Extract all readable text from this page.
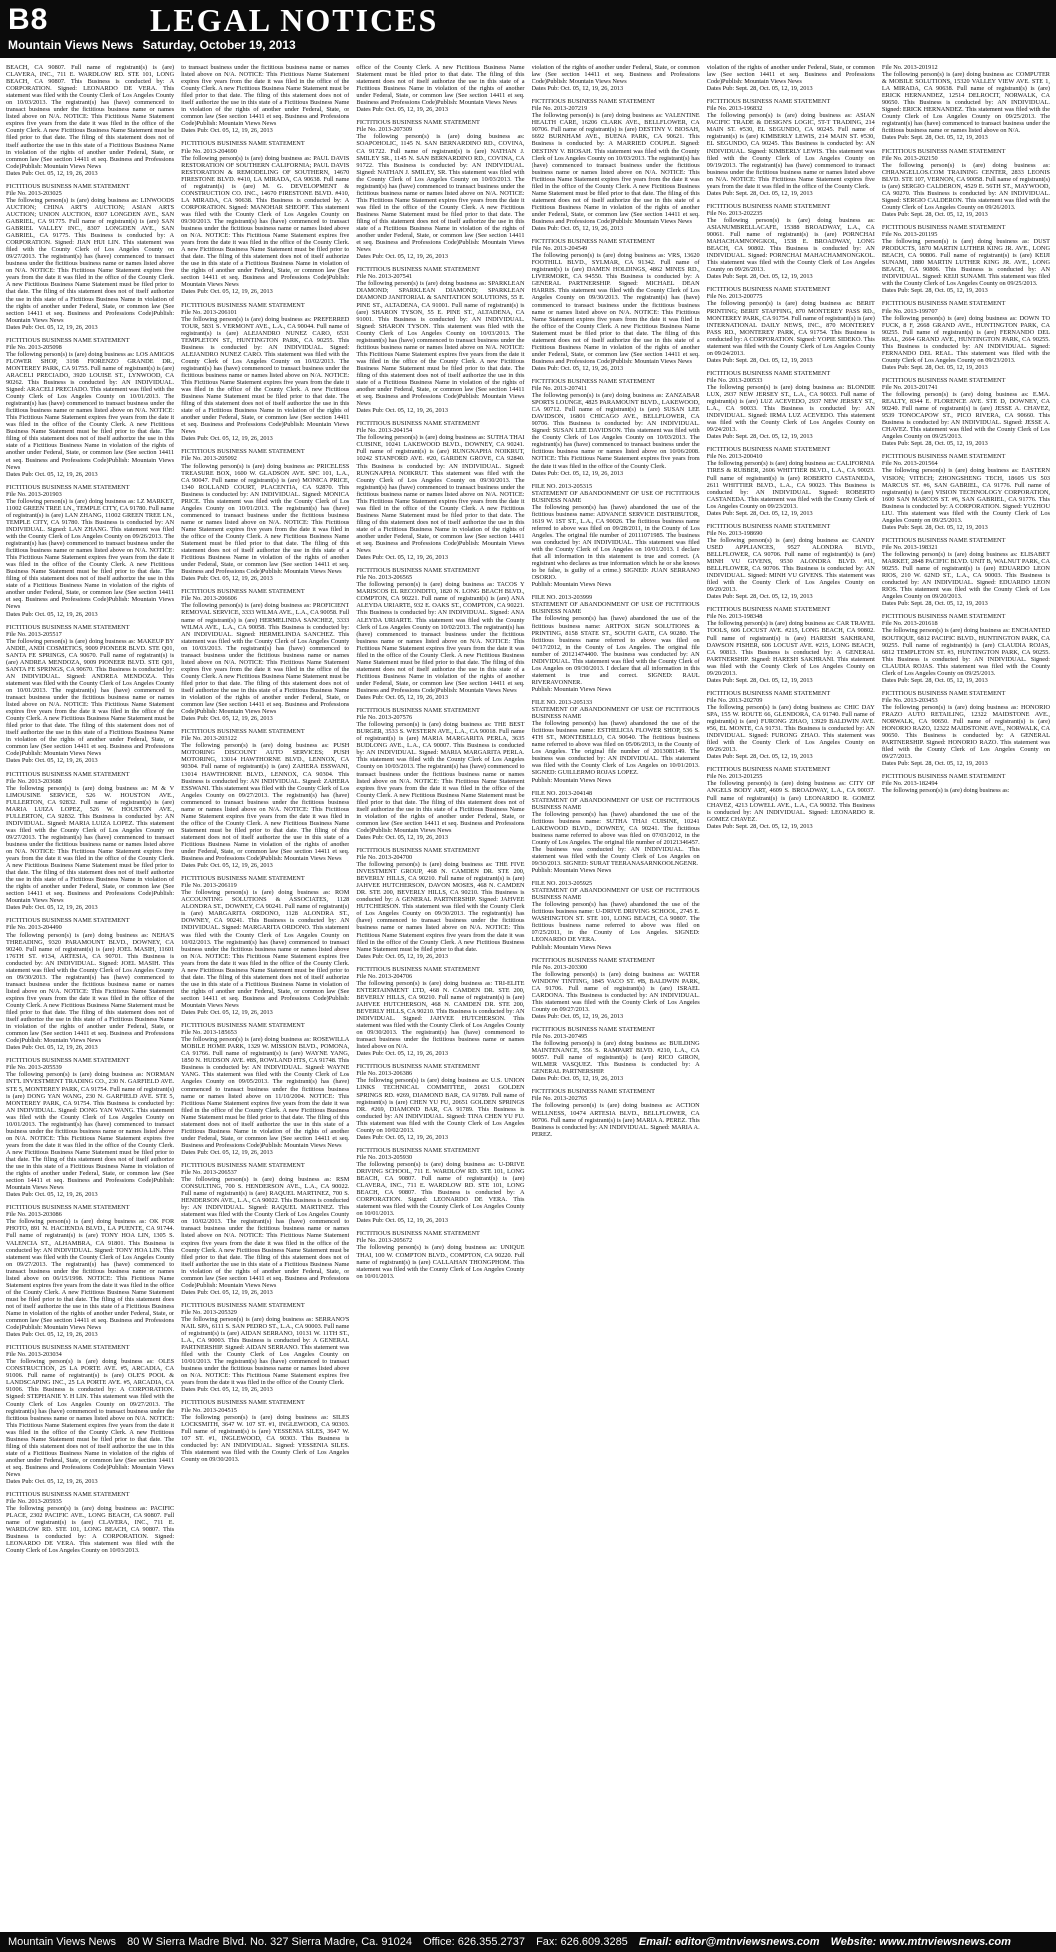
B8	LEGAL NOTICES
Mountain Views News Saturday, October 19, 2013
BEACH, CA 90807. Full name of registrant(s) is (are) CLAVERA, INC., 711 E. WARDLOW RD. STE 101, LONG BEACH, CA 90807. This Business is conducted by: A CORPORATION. Signed: LEONARDO DE VERA. This statement was filed with the County Clerk of Los Angeles County on 10/03/2013. The registrant(s) has (have) commenced to transact business under the fictitious business name or names listed above on N/A. NOTICE: This Fictitious Name Statement expires five years from the date it was filed in the office of the County Clerk. A new Fictitious Business Name Statement must be filed prior to that date. The filing of this statement does not of itself authorize the use in this state of a Fictitious Business Name in violation of the rights of another under Federal, State, or common law (See section 14411 et seq. Business and Professions Code)Publish: Mountain Views News
Dates Pub: Oct. 05, 12, 19, 26, 2013
FICTITIOUS BUSINESS NAME STATEMENT
File No. 2013-203025
The following person(s) is (are) doing business as: LINWOODS AUCTION; CHINA ART'S AUCTION; ASIAN ARTS AUCTION; UNION AUCTION, 8307 LONGDEN AVE., SAN GABRIEL, CA 91775. Full name of registrant(s) is (are) SAN GABRIEL VALLEY INC., 8307 LONGDEN AVE., SAN GABRIEL, CA 91775. This Business is conducted by: A CORPORATION. Signed: JIAN HUI LIN. This statement was filed with the County Clerk of Los Angeles County on 09/27/2013. The registrant(s) has (have) commenced to transact business under the fictitious business name or names listed above on N/A. NOTICE: This Fictitious Name Statement expires five years from the date it was filed in the office of the County Clerk. A new Fictitious Business Name Statement must be filed prior to that date. The filing of this statement does not of itself authorize the use in this state of a Fictitious Business Name in violation of the rights of another under Federal, State, or common law (See section 14411 et seq. Business and Professions Code)Publish: Mountain Views News
Dates Pub: Oct. 05, 12, 19, 26, 2013
FICTITIOUS BUSINESS NAME STATEMENT
File No. 2013-205098
The following person(s) is (are) doing business as: LOS AMIGOS FLOWER SHOP, 3198 FIORENZO GRANDE DR., MONTEREY PARK, CA 91755. Full name of registrant(s) is (are) ARACELI PRECIADO, 3920 LOUISE ST., LYNWOOD, CA 90262. This Business is conducted by: AN INDIVIDUAL. Signed: ARACELI PRECIADO. This statement was filed with the County Clerk of Los Angeles County on 10/01/2013. The registrant(s) has (have) commenced to transact business under the fictitious business name or names listed above on N/A. NOTICE: This Fictitious Name Statement expires five years from the date it was filed in the office of the County Clerk. A new Fictitious Business Name Statement must be filed prior to that date. The filing of this statement does not of itself authorize the use in this state of a Fictitious Business Name in violation of the rights of another under Federal, State, or common law (See section 14411 et seq. Business and Professions Code)Publish: Mountain Views News
Dates Pub: Oct. 05, 12, 19, 26, 2013
FICTITIOUS BUSINESS NAME STATEMENT
File No. 2013-201903
The following person(s) is (are) doing business as: LZ MARKET, 11002 GREEN TREE LN., TEMPLE CITY, CA 91780. Full name of registrant(s) is (are) LAN ZHANG, 11002 GREEN TREE LN., TEMPLE CITY, CA 91780. This Business is conducted by: AN INDIVIDUAL. Signed: LAN ZHANG. This statement was filed with the County Clerk of Los Angeles County on 09/26/2013. The registrant(s) has (have) commenced to transact business under the fictitious business name or names listed above on N/A. NOTICE: This Fictitious Name Statement expires five years from the date it was filed in the office of the County Clerk. A new Fictitious Business Name Statement must be filed prior to that date. The filing of this statement does not of itself authorize the use in this state of a Fictitious Business Name in violation of the rights of another under Federal, State, or common law (See section 14411 et seq. Business and Professions Code)Publish: Mountain Views News
Dates Pub: Oct. 05, 12, 19, 26, 2013
FICTITIOUS BUSINESS NAME STATEMENT
File No. 2013-205517
The following person(s) is (are) doing business as: MAKEUP BY ANDIE, ANDI COSMETICS, 9009 PIONEER BLVD. STE Q01, SANTA FE SPRINGS, CA 90670. Full name of registrant(s) is (are) ANDREA MENDOZA, 9009 PIONEER BLVD. STE Q01, SANTA FE SPRINGS, CA 90670. This Business is conducted by: AN INDIVIDUAL. Signed: ANDREA MENDOZA. This statement was filed with the County Clerk of Los Angeles County on 10/01/2013. The registrant(s) has (have) commenced to transact business under the fictitious business name or names listed above on N/A. NOTICE: This Fictitious Name Statement expires five years from the date it was filed in the office of the County Clerk. A new Fictitious Business Name Statement must be filed prior to that date. The filing of this statement does not of itself authorize the use in this state of a Fictitious Business Name in violation of the rights of another under Federal, State, or common law (See section 14411 et seq. Business and Professions Code)Publish: Mountain Views News
Dates Pub: Oct. 05, 12, 19, 26, 2013
FICTITIOUS BUSINESS NAME STATEMENT
File No. 2013-203688
The following person(s) is (are) doing business as: M & V LIMOUSINE SERVICE, 526 W. HOUSTON AVE., FULLERTON, CA 92832. Full name of registrant(s) is (are) MARIA LUIZA LOPEZ, 526 W. HOUSTON AVE., FULLERTON, CA 92832. This Business is conducted by: AN INDIVIDUAL. Signed: MARIA LUIZA LOPEZ. This statement was filed with the County Clerk of Los Angeles County on 09/27/2013. The registrant(s) has (have) commenced to transact business under the fictitious business name or names listed above on N/A. NOTICE: This Fictitious Name Statement expires five years from the date it was filed in the office of the County Clerk. A new Fictitious Business Name Statement must be filed prior to that date. The filing of this statement does not of itself authorize the use in this state of a Fictitious Business Name in violation of the rights of another under Federal, State, or common law (See section 14411 et seq. Business and Professions Code)Publish: Mountain Views News
Dates Pub: Oct. 05, 12, 19, 26, 2013
FICTITIOUS BUSINESS NAME STATEMENT
File No. 2013-204490
The following person(s) is (are) doing business as: NEHA'S THREADING, 9320 PARAMOUNT BLVD., DOWNEY, CA 90240. Full name of registrant(s) is (are) JOEL MASIH, 11601 176TH ST. #134, ARTESIA, CA 90701. This Business is conducted by: AN INDIVIDUAL. Signed: JOEL MASIH. This statement was filed with the County Clerk of Los Angeles County on 09/30/2013. The registrant(s) has (have) commenced to transact business under the fictitious business name or names listed above on N/A. NOTICE: This Fictitious Name Statement expires five years from the date it was filed in the office of the County Clerk. A new Fictitious Business Name Statement must be filed prior to that date. The filing of this statement does not of itself authorize the use in this state of a Fictitious Business Name in violation of the rights of another under Federal, State, or common law (See section 14411 et seq. Business and Professions Code)Publish: Mountain Views News
Dates Pub: Oct. 05, 12, 19, 26, 2013
FICTITIOUS BUSINESS NAME STATEMENT
File No. 2013-205539
The following person(s) is (are) doing business as: NORMAN INT'L INVESTMENT TRADING CO., 230 N. GARFIELD AVE. STE 5, MONTEREY PARK, CA 91754. Full name of registrant(s) is (are) DONG YAN WANG, 230 N. GARFIELD AVE. STE 5, MONTEREY PARK, CA 91754. This Business is conducted by: AN INDIVIDUAL. Signed: DONG YAN WANG. This statement was filed with the County Clerk of Los Angeles County on 10/01/2013. The registrant(s) has (have) commenced to transact business under the fictitious business name or names listed above on N/A. NOTICE: This Fictitious Name Statement expires five years from the date it was filed in the office of the County Clerk. A new Fictitious Business Name Statement must be filed prior to that date. The filing of this statement does not of itself authorize the use in this state of a Fictitious Business Name in violation of the rights of another under Federal, State, or common law (See section 14411 et seq. Business and Professions Code)Publish: Mountain Views News
Dates Pub: Oct. 05, 12, 19, 26, 2013
FICTITIOUS BUSINESS NAME STATEMENT
File No. 2013-203086
The following person(s) is (are) doing business as: OK FOR PHOTO, 891 N. HACIENDA BLVD., LA PUENTE, CA 91744. Full name of registrant(s) is (are) TONY HOA LIN, 1305 S. VALENCIA ST., ALHAMBRA, CA 91801. This Business is conducted by: AN INDIVIDUAL. Signed: TONY HOA LIN. This statement was filed with the County Clerk of Los Angeles County on 09/27/2013. The registrant(s) has (have) commenced to transact business under the fictitious business name or names listed above on 06/15/1998. NOTICE: This Fictitious Name Statement expires five years from the date it was filed in the office of the County Clerk. A new Fictitious Business Name Statement must be filed prior to that date. The filing of this statement does not of itself authorize the use in this state of a Fictitious Business Name in violation of the rights of another under Federal, State, or common law (See section 14411 et seq. Business and Professions Code)Publish: Mountain Views News
Dates Pub: Oct. 05, 12, 19, 26, 2013
FICTITIOUS BUSINESS NAME STATEMENT
File No. 2013-203034
The following person(s) is (are) doing business as: OLES CONSTRUCTION, 25 LA PORTE AVE. #5, ARCADIA, CA 91006. Full name of registrant(s) is (are) OLE'S POOL & LANDSCAPING INC., 25 LA PORTE AVE. #5, ARCADIA, CA 91006. This Business is conducted by: A CORPORATION. Signed: STEPHANIE Y. H LIN. This statement was filed with the County Clerk of Los Angeles County on 09/27/2013. The registrant(s) has (have) commenced to transact business under the fictitious business name or names listed above on N/A. NOTICE: This Fictitious Name Statement expires five years from the date it was filed in the office of the County Clerk. A new Fictitious Business Name Statement must be filed prior to that date. The filing of this statement does not of itself authorize the use in this state of a Fictitious Business Name in violation of the rights of another under Federal, State, or common law (See section 14411 et seq. Business and Professions Code)Publish: Mountain Views News
Dates Pub: Oct. 05, 12, 19, 26, 2013
FICTITIOUS BUSINESS NAME STATEMENT
File No. 2013-205935
The following person(s) is (are) doing business as: PACIFIC PLACE, 2302 PACIFIC AVE., LONG BEACH, CA 90807. Full name of registrant(s) is (are) CLAVERA, INC., 711 E. WARDLOW RD. STE 101, LONG BEACH, CA 90807. This Business is conducted by: A CORPORATION. Signed: LEONARDO DE VERA. This statement was filed with the County Clerk of Los Angeles County on 10/03/2013.
to transact business under the fictitious business name or names listed above on N/A. NOTICE: This Fictitious Name Statement expires five years from the date it was filed in the office of the County Clerk. A new Fictitious Business Name Statement must be filed prior to that date. The filing of this statement does not of itself authorize the use in this state of a Fictitious Business Name in violation of the rights of another under Federal, State, or common law (See section 14411 et seq. Business and Professions Code)Publish: Mountain Views News
Dates Pub: Oct. 05, 12, 19, 26, 2013
FICTITIOUS BUSINESS NAME STATEMENT
File No. 2013-204690
The following person(s) is (are) doing business as: PAUL DAVIS RESTORATION OF SOUTHERN CALIFORNIA; PAUL DAVIS RESTORATION & REMODELING OF SOUTHERN, 14670 FIRESTONE BLVD. #410, LA MIRADA, CA 90638. Full name of registrant(s) is (are) M. G. DEVELOPMENT & CONSTRUCTION CO. INC., 14670 FIRESTONE BLVD. #410, LA MIRADA, CA 90638. This Business is conducted by: A CORPORATION. Signed: MANOHAR SHEOFF. This statement was filed with the County Clerk of Los Angeles County on 09/30/2013. The registrant(s) has (have) commenced to transact business under the fictitious business name or names listed above on N/A. NOTICE: This Fictitious Name Statement expires five years from the date it was filed in the office of the County Clerk. A new Fictitious Business Name Statement must be filed prior to that date. The filing of this statement does not of itself authorize the use in this state of a Fictitious Business Name in violation of the rights of another under Federal, State, or common law (See section 14411 et seq. Business and Professions Code)Publish: Mountain Views News
Dates Pub: Oct. 05, 12, 19, 26, 2013
FICTITIOUS BUSINESS NAME STATEMENT
File No. 2013-206101
The following person(s) is (are) doing business as: PREFERRED TOUR, 5831 S. VERMONT AVE., L.A., CA 90044. Full name of registrant(s) is (are) ALEJANDRO NUNEZ CARO, 6531 TEMPLETON ST., HUNTINGTON PARK, CA 90255. This Business is conducted by: AN INDIVIDUAL. Signed: ALEJANDRO NUNEZ CARO. This statement was filed with the County Clerk of Los Angeles County on 10/02/2013. The registrant(s) has (have) commenced to transact business under the fictitious business name or names listed above on N/A. NOTICE: This Fictitious Name Statement expires five years from the date it was filed in the office of the County Clerk. A new Fictitious Business Name Statement must be filed prior to that date. The filing of this statement does not of itself authorize the use in this state of a Fictitious Business Name in violation of the rights of another under Federal, State, or common law (See section 14411 et seq. Business and Professions Code)Publish: Mountain Views News
Dates Pub: Oct. 05, 12, 19, 26, 2013
FICTITIOUS BUSINESS NAME STATEMENT
File No. 2013-205092
The following person(s) is (are) doing business as: PRICELESS TREASURE BOX, 1600 W. GLADSON AVE. SPC 101, L.A., CA 90047. Full name of registrant(s) is (are) MONICA PRICE, 1340 ROLLAND COURT, PLACENTIA, CA 92870. This Business is conducted by: AN INDIVIDUAL. Signed: MONICA PRICE. This statement was filed with the County Clerk of Los Angeles County on 10/01/2013. The registrant(s) has (have) commenced to transact business under the fictitious business name or names listed above on N/A. NOTICE: This Fictitious Name Statement expires five years from the date it was filed in the office of the County Clerk. A new Fictitious Business Name Statement must be filed prior to that date. The filing of this statement does not of itself authorize the use in this state of a Fictitious Business Name in violation of the rights of another under Federal, State, or common law (See section 14411 et seq. Business and Professions Code)Publish: Mountain Views News
Dates Pub: Oct. 05, 12, 19, 26, 2013
FICTITIOUS BUSINESS NAME STATEMENT
File No. 2013-206606
The following person(s) is (are) doing business as: PROFICIENT REMOVAL SERVICE, 3333 WILMA AVE., L.A., CA 90058. Full name of registrant(s) is (are) HERMELINDA SANCHEZ, 3333 WILMA AVE., L.A., CA 90058. This Business is conducted by: AN INDIVIDUAL. Signed: HERMELINDA SANCHEZ. This statement was filed with the County Clerk of Los Angeles County on 10/03/2013. The registrant(s) has (have) commenced to transact business under the fictitious business name or names listed above on N/A. NOTICE: This Fictitious Name Statement expires five years from the date it was filed in the office of the County Clerk. A new Fictitious Business Name Statement must be filed prior to that date. The filing of this statement does not of itself authorize the use in this state of a Fictitious Business Name in violation of the rights of another under Federal, State, or common law (See section 14411 et seq. Business and Professions Code)Publish: Mountain Views News
Dates Pub: Oct. 05, 12, 19, 26, 2013
FICTITIOUS BUSINESS NAME STATEMENT
File No. 2013-203122
The following person(s) is (are) doing business as: PUSH MOTORING DISCOUNT AUTO SERVICES; PUSH MOTORING, 13014 HAWTHORNE BLVD., LENNOX, CA 90304. Full name of registrant(s) is (are) ZAHERA ESSWANI, 13014 HAWTHORNE BLVD., LENNOX, CA 90304. This Business is conducted by: AN INDIVIDUAL. Signed: ZAHERA ESSWANI. This statement was filed with the County Clerk of Los Angeles County on 09/27/2013. The registrant(s) has (have) commenced to transact business under the fictitious business name or names listed above on N/A. NOTICE: This Fictitious Name Statement expires five years from the date it was filed in the office of the County Clerk. A new Fictitious Business Name Statement must be filed prior to that date. The filing of this statement does not of itself authorize the use in this state of a Fictitious Business Name in violation of the rights of another under Federal, State, or common law (See section 14411 et seq. Business and Professions Code)Publish: Mountain Views News
Dates Pub: Oct. 05, 12, 19, 26, 2013
FICTITIOUS BUSINESS NAME STATEMENT
File No. 2013-206119
The following person(s) is (are) doing business as: ROM ACCOUNTING SOLUTIONS & ASSOCIATES, 1128 ALONDRA ST., DOWNEY, CA 90241. Full name of registrant(s) is (are) MARGARITA ORDONO, 1128 ALONDRA ST., DOWNEY, CA 90241. This Business is conducted by: AN INDIVIDUAL. Signed: MARGARITA ORDONO. This statement was filed with the County Clerk of Los Angeles County on 10/02/2013. The registrant(s) has (have) commenced to transact business under the fictitious business name or names listed above on N/A. NOTICE: This Fictitious Name Statement expires five years from the date it was filed in the office of the County Clerk. A new Fictitious Business Name Statement must be filed prior to that date. The filing of this statement does not of itself authorize the use in this state of a Fictitious Business Name in violation of the rights of another under Federal, State, or common law (See section 14411 et seq. Business and Professions Code)Publish: Mountain Views News
Dates Pub: Oct. 05, 12, 19, 26, 2013
FICTITIOUS BUSINESS NAME STATEMENT
File No. 2013-185653
The following person(s) is (are) doing business as: ROSEWILLA MOBILE HOME PARK, 1329 W. MISSION BLVD., POMONA, CA 91766. Full name of registrant(s) is (are) WAYNE YANG, 1850 N. HUDSON AVE. #8S, ROWLAND HTS, CA 91748. This Business is conducted by: AN INDIVIDUAL. Signed: WAYNE YANG. This statement was filed with the County Clerk of Los Angeles County on 09/05/2013. The registrant(s) has (have) commenced to transact business under the fictitious business name or names listed above on 11/10/2004. NOTICE: This Fictitious Name Statement expires five years from the date it was filed in the office of the County Clerk. A new Fictitious Business Name Statement must be filed prior to that date. The filing of this statement does not of itself authorize the use in this state of a Fictitious Business Name in violation of the rights of another under Federal, State, or common law (See section 14411 et seq. Business and Professions Code)Publish: Mountain Views News
Dates Pub: Oct. 05, 12, 19, 26, 2013
FICTITIOUS BUSINESS NAME STATEMENT
File No. 2013-206537
The following person(s) is (are) doing business as: RSM CONSULTING, 700 S. HENDERSON AVE., L.A., CA 90022. Full name of registrant(s) is (are) RAQUEL MARTINEZ, 700 S. HENDERSON AVE., L.A., CA 90022. This Business is conducted by: AN INDIVIDUAL. Signed: RAQUEL MARTINEZ. This statement was filed with the County Clerk of Los Angeles County on 10/02/2013. The registrant(s) has (have) commenced to transact business under the fictitious business name or names listed above on N/A. NOTICE: This Fictitious Name Statement expires five years from the date it was filed in the office of the County Clerk. A new Fictitious Business Name Statement must be filed prior to that date. The filing of this statement does not of itself authorize the use in this state of a Fictitious Business Name in violation of the rights of another under Federal, State, or common law (See section 14411 et seq. Business and Professions Code)Publish: Mountain Views News
Dates Pub: Oct. 05, 12, 19, 26, 2013
FICTITIOUS BUSINESS NAME STATEMENT
File No. 2013-205329
The following person(s) is (are) doing business as: SERRANO'S NAIL SPA, 6111 S. SAN PEDRO ST., L.A., CA 90003. Full name of registrant(s) is (are) AIDAN SERRANO, 10131 W. 11TH ST., L.A., CA 90003. This Business is conducted by: A GENERAL PARTNERSHIP. Signed: AIDAN SERRANO. This statement was filed with the County Clerk of Los Angeles County on 10/01/2013. The registrant(s) has (have) commenced to transact business under the fictitious business name or names listed above on N/A. NOTICE: This Fictitious Name Statement expires five years from the date it was filed in the office of the County Clerk.
Dates Pub: Oct. 05, 12, 19, 26, 2013
FICTITIOUS BUSINESS NAME STATEMENT
File No. 2013-204515
The following person(s) is (are) doing business as: SILES LOCKSMITH, 3647 W. 107 ST. #1, INGLEWOOD, CA 90303. Full name of registrant(s) is (are) YESSENIA SILES, 3647 W. 107 ST. #1, INGLEWOOD, CA 90303. This Business is conducted by: AN INDIVIDUAL. Signed: YESSENIA SILES. This statement was filed with the County Clerk of Los Angeles County on 09/30/2013.
office of the County Clerk. A new Fictitious Business Name Statement must be filed prior to that date. The filing of this statement does not of itself authorize the use in this state of a Fictitious Business Name in violation of the rights of another under Federal, State, or common law (See section 14411 et seq. Business and Professions Code)Publish: Mountain Views News
Dates Pub: Oct. 05, 12, 19, 26, 2013
FICTITIOUS BUSINESS NAME STATEMENT
File No. 2013-207309
The following person(s) is (are) doing business as: SOAPOHOLIC, 1145 N. SAN BERNARDINO RD., COVINA, CA 91722. Full name of registrant(s) is (are) NATHAN J. SMILEY SR., 1145 N. SAN BERNARDINO RD., COVINA, CA 91722. This Business is conducted by: AN INDIVIDUAL. Signed: NATHAN J. SMILEY, SR. This statement was filed with the County Clerk of Los Angeles County on 10/03/2013. The registrant(s) has (have) commenced to transact business under the fictitious business name or names listed above on N/A. NOTICE: This Fictitious Name Statement expires five years from the date it was filed in the office of the County Clerk. A new Fictitious Business Name Statement must be filed prior to that date. The filing of this statement does not of itself authorize the use in this state of a Fictitious Business Name in violation of the rights of another under Federal, State, or common law (See section 14411 et seq. Business and Professions Code)Publish: Mountain Views News
Dates Pub: Oct. 05, 12, 19, 26, 2013
FICTITIOUS BUSINESS NAME STATEMENT
File No. 2013-207541
The following person(s) is (are) doing business as: SPARKLEAN DIAMOND; SPARKLEAN DIAMOND; SPARKLEAN DIAMOND JANITORIAL & SANITATION SOLUTIONS, 55 E. PINE ST., ALTADENA, CA 91001. Full name of registrant(s) is (are) SHARON TYSON, 55 E. PINE ST., ALTADENA, CA 91001. This Business is conducted by: AN INDIVIDUAL. Signed: SHARON TYSON. This statement was filed with the County Clerk of Los Angeles County on 10/03/2013. The registrant(s) has (have) commenced to transact business under the fictitious business name or names listed above on N/A. NOTICE: This Fictitious Name Statement expires five years from the date it was filed in the office of the County Clerk. A new Fictitious Business Name Statement must be filed prior to that date. The filing of this statement does not of itself authorize the use in this state of a Fictitious Business Name in violation of the rights of another under Federal, State, or common law (See section 14411 et seq. Business and Professions Code)Publish: Mountain Views News
Dates Pub: Oct. 05, 12, 19, 26, 2013
FICTITIOUS BUSINESS NAME STATEMENT
File No. 2013-204154
The following person(s) is (are) doing business as: SUTHA THAI CUISINE, 10241 LAKEWOOD BLVD., DOWNEY, CA 90241. Full name of registrant(s) is (are) RUNGNAPHA NOIKRUT, 10242 STANFORD AVE. #20, GARDEN GROVE, CA 92840. This Business is conducted by: AN INDIVIDUAL. Signed: RUNGNAPHA NOIKRUT. This statement was filed with the County Clerk of Los Angeles County on 09/30/2013. The registrant(s) has (have) commenced to transact business under the fictitious business name or names listed above on N/A. NOTICE: This Fictitious Name Statement expires five years from the date it was filed in the office of the County Clerk. A new Fictitious Business Name Statement must be filed prior to that date. The filing of this statement does not of itself authorize the use in this state of a Fictitious Business Name in violation of the rights of another under Federal, State, or common law (See section 14411 et seq. Business and Professions Code)Publish: Mountain Views News
Dates Pub: Oct. 05, 12, 19, 26, 2013
FICTITIOUS BUSINESS NAME STATEMENT
File No. 2013-206565
The following person(s) is (are) doing business as: TACOS Y MARISCOS EL RECONDITO, 1820 N. LONG BEACH BLVD., COMPTON, CA 90221. Full name of registrant(s) is (are) ANA ALEYDA URIARTE, 932 E. OAKS ST., COMPTON, CA 90221. This Business is conducted by: AN INDIVIDUAL. Signed: ANA ALEYDA URIARTE. This statement was filed with the County Clerk of Los Angeles County on 10/02/2013. The registrant(s) has (have) commenced to transact business under the fictitious business name or names listed above on N/A. NOTICE: This Fictitious Name Statement expires five years from the date it was filed in the office of the County Clerk. A new Fictitious Business Name Statement must be filed prior to that date. The filing of this statement does not of itself authorize the use in this state of a Fictitious Business Name in violation of the rights of another under Federal, State, or common law (See section 14411 et seq. Business and Professions Code)Publish: Mountain Views News
Dates Pub: Oct. 05, 12, 19, 26, 2013
FICTITIOUS BUSINESS NAME STATEMENT
File No. 2013-207576
The following person(s) is (are) doing business as: THE BEST BURGER, 3533 S. WESTERN AVE., L.A., CA 90018. Full name of registrant(s) is (are) MARIA MARGARITA PERLA, 3635 BUDLONG AVE., L.A., CA 90007. This Business is conducted by: AN INDIVIDUAL. Signed: MARIA MARGARITA PERLA. This statement was filed with the County Clerk of Los Angeles County on 10/03/2013. The registrant(s) has (have) commenced to transact business under the fictitious business name or names listed above on N/A. NOTICE: This Fictitious Name Statement expires five years from the date it was filed in the office of the County Clerk. A new Fictitious Business Name Statement must be filed prior to that date. The filing of this statement does not of itself authorize the use in this state of a Fictitious Business Name in violation of the rights of another under Federal, State, or common law (See section 14411 et seq. Business and Professions Code)Publish: Mountain Views News
Dates Pub: Oct. 05, 12, 19, 26, 2013
FICTITIOUS BUSINESS NAME STATEMENT
File No. 2013-204700
The following person(s) is (are) doing business as: THE FIVE INVESTMENT GROUP, 468 N. CAMDEN DR. STE 200, BEVERLY HILLS, CA 90210. Full name of registrant(s) is (are) JAHVEE HUTCHERSON, DAVON MOSES, 468 N. CAMDEN DR. STE 200, BEVERLY HILLS, CA 90210. This Business is conducted by: A GENERAL PARTNERSHIP. Signed: JAHVEE HUTCHERSON. This statement was filed with the County Clerk of Los Angeles County on 09/30/2013. The registrant(s) has (have) commenced to transact business under the fictitious business name or names listed above on N/A. NOTICE: This Fictitious Name Statement expires five years from the date it was filed in the office of the County Clerk. A new Fictitious Business Name Statement must be filed prior to that date.
Dates Pub: Oct. 05, 12, 19, 26, 2013
FICTITIOUS BUSINESS NAME STATEMENT
File No. 2013-204706
The following person(s) is (are) doing business as: TRI-ELITE ENTERTAINMENT LTD, 468 N. CAMDEN DR. STE 200, BEVERLY HILLS, CA 90210. Full name of registrant(s) is (are) JAHVEE HUTCHERSON, 468 N. CAMDEN DR. STE 200, BEVERLY HILLS, CA 90210. This Business is conducted by: AN INDIVIDUAL. Signed: JAHVEE HUTCHERSON. This statement was filed with the County Clerk of Los Angeles County on 09/30/2013. The registrant(s) has (have) commenced to transact business under the fictitious business name or names listed above on N/A.
Dates Pub: Oct. 05, 12, 19, 26, 2013
FICTITIOUS BUSINESS NAME STATEMENT
File No. 2013-206386
The following person(s) is (are) doing business as: U.S. UNION LINKS TECHNICAL COMMITTEE, 20651 GOLDEN SPRINGS RD. #269, DIAMOND BAR, CA 91789. Full name of registrant(s) is (are) CHEN YU FU, 20651 GOLDEN SPRINGS DR. #269, DIAMOND BAR, CA 91789. This Business is conducted by: AN INDIVIDUAL. Signed: TINA CHEN YU FU. This statement was filed with the County Clerk of Los Angeles County on 10/02/2013.
Dates Pub: Oct. 05, 12, 19, 26, 2013
FICTITIOUS BUSINESS NAME STATEMENT
File No. 2013-205930
The following person(s) is (are) doing business as: U-DRIVE DRIVING SCHOOL, 711 E. WARDLOW RD. STE 101, LONG BEACH, CA 90807. Full name of registrant(s) is (are) CLAVERA, INC., 711 E. WARDLOW RD. STE 101, LONG BEACH, CA 90807. This Business is conducted by: A CORPORATION. Signed: LEONARDO DE VERA. This statement was filed with the County Clerk of Los Angeles County on 10/01/2013.
Dates Pub: Oct. 05, 12, 19, 26, 2013
FICTITIOUS BUSINESS NAME STATEMENT
File No. 2013-205672
The following person(s) is (are) doing business as: UNIQUE THAI, 100 W. COMPTON BLVD., COMPTON, CA 90220. Full name of registrant(s) is (are) CALLAHAN THONGPHOM. This statement was filed with the County Clerk of Los Angeles County on 10/01/2013.
violation of the rights of another under Federal, State, or common law (See section 14411 et seq. Business and Professions Code)Publish: Mountain Views News
Dates Pub: Oct. 05, 12, 19, 26, 2013
FICTITIOUS BUSINESS NAME STATEMENT
File No. 2013-207219
The following person(s) is (are) doing business as: VALENTINE HEALTH CARE, 16206 CLARK AVE., BELLFLOWER, CA 90706. Full name of registrant(s) is (are) DESTINY V. BIOSAH, 6692 BURNHAM AVE., BUENA PARK, CA 90621. This Business is conducted by: A MARRIED COUPLE. Signed: DESTINY V. BIOSAH. This statement was filed with the County Clerk of Los Angeles County on 10/03/2013. The registrant(s) has (have) commenced to transact business under the fictitious business name or names listed above on N/A. NOTICE: This Fictitious Name Statement expires five years from the date it was filed in the office of the County Clerk. A new Fictitious Business Name Statement must be filed prior to that date. The filing of this statement does not of itself authorize the use in this state of a Fictitious Business Name in violation of the rights of another under Federal, State, or common law (See section 14411 et seq. Business and Professions Code)Publish: Mountain Views News
Dates Pub: Oct. 05, 12, 19, 26, 2013
FICTITIOUS BUSINESS NAME STATEMENT
File No. 2013-204549
The following person(s) is (are) doing business as: VRS, 13620 FOOTHILL BLVD., SYLMAR, CA 91342. Full name of registrant(s) is (are) DAMEN HOLDINGS, 4862 MINES RD., LIVERMORE, CA 94550. This Business is conducted by: A GENERAL PARTNERSHIP. Signed: MICHAEL DEAN HARRIS. This statement was filed with the County Clerk of Los Angeles County on 09/30/2013. The registrant(s) has (have) commenced to transact business under the fictitious business name or names listed above on N/A. NOTICE: This Fictitious Name Statement expires five years from the date it was filed in the office of the County Clerk. A new Fictitious Business Name Statement must be filed prior to that date. The filing of this statement does not of itself authorize the use in this state of a Fictitious Business Name in violation of the rights of another under Federal, State, or common law (See section 14411 et seq. Business and Professions Code)Publish: Mountain Views News
Dates Pub: Oct. 05, 12, 19, 26, 2013
FICTITIOUS BUSINESS NAME STATEMENT
File No. 2013-207411
The following person(s) is (are) doing business as: ZANZABAR SPORTS LOUNGE, 4825 PARAMOUNT BLVD., LAKEWOOD, CA 90712. Full name of registrant(s) is (are) SUSAN LEE DAVIDSON, 16801 CHICAGO AVE., BELLFLOWER, CA 90706. This Business is conducted by: AN INDIVIDUAL. Signed: SUSAN LEE DAVIDSON. This statement was filed with the County Clerk of Los Angeles County on 10/03/2013. The registrant(s) has (have) commenced to transact business under the fictitious business name or names listed above on 10/06/2008. NOTICE: This Fictitious Name Statement expires five years from the date it was filed in the office of the County Clerk.
Dates Pub: Oct. 05, 12, 19, 26, 2013
FILE NO. 2013-205315
STATEMENT OF ABANDONMENT OF USE OF FICTITIOUS BUSINESS NAME
The following person(s) has (have) abandoned the use of the fictitious business name: ADVANCE SERVICE DISTRIBUTOR, 1619 W. 1ST ST., L.A., CA 90026. The fictitious business name referred to above was filed on 09/28/2011, in the County of Los Angeles. The original file number of 20111071985. The business was conducted by: AN INDIVIDUAL. This statement was filed with the County Clerk of Los Angeles on 10/01/2013. I declare that all information in this statement is true and correct. (A registrant who declares as true information which he or she knows to be false, is guilty of a crime.) SIGNED: JUAN SERRANO OSORIO.
Publish: Mountain Views News
FILE NO. 2013-203999
STATEMENT OF ABANDONMENT OF USE OF FICTITIOUS BUSINESS NAME
The following person(s) has (have) abandoned the use of the fictitious business name: ARTFOX SIGN SOLUTIONS & PRINTING, 8158 STATE ST., SOUTH GATE, CA 90280. The fictitious business name referred to above was filed on 04/17/2012, in the County of Los Angeles. The original file number of 20121474400. The business was conducted by: AN INDIVIDUAL. This statement was filed with the County Clerk of Los Angeles on 09/30/2013. I declare that all information in this statement is true and correct. SIGNED: RAUL RIVERAVONNER.
Publish: Mountain Views News
FILE NO. 2013-205133
STATEMENT OF ABANDONMENT OF USE OF FICTITIOUS BUSINESS NAME
The following person(s) has (have) abandoned the use of the fictitious business name: ESTHELICIA FLOWER SHOP, 536 S. 4TH ST., MONTEBELLO, CA 90640. The fictitious business name referred to above was filed on 05/06/2013, in the County of Los Angeles. The original file number of 2013081149. The business was conducted by: AN INDIVIDUAL. This statement was filed with the County Clerk of Los Angeles on 10/01/2013. SIGNED: GUILLERMO ROJAS LOPEZ.
Publish: Mountain Views News
FILE NO. 2013-204148
STATEMENT OF ABANDONMENT OF USE OF FICTITIOUS BUSINESS NAME
The following person(s) has (have) abandoned the use of the fictitious business name: SUTHA THAI CUISINE, 10241 LAKEWOOD BLVD., DOWNEY, CA 90241. The fictitious business name referred to above was filed on 07/03/2012, in the County of Los Angeles. The original file number of 20121346457. The business was conducted by: AN INDIVIDUAL. This statement was filed with the County Clerk of Los Angeles on 09/30/2013. SIGNED: SURAT TEERANASARNKOOLNGENR.
Publish: Mountain Views News
FILE NO. 2013-205925
STATEMENT OF ABANDONMENT OF USE OF FICTITIOUS BUSINESS NAME
The following person(s) has (have) abandoned the use of the fictitious business name: U-DRIVE DRIVING SCHOOL, 2745 E. WASHINGTON ST. STE 101, LONG BEACH, CA 90807. The fictitious business name referred to above was filed on 07/25/2011, in the County of Los Angeles. SIGNED: LEONARDO DE VERA.
Publish: Mountain Views News
FICTITIOUS BUSINESS NAME STATEMENT
File No. 2013-203300
The following person(s) is (are) doing business as: WATER WINDOW TINTING, 1845 VACO ST. #B, BALDWIN PARK, CA 91706. Full name of registrant(s) is (are) ISRAEL CARDONA. This Business is conducted by: AN INDIVIDUAL. This statement was filed with the County Clerk of Los Angeles County on 09/27/2013.
Dates Pub: Oct. 05, 12, 19, 26, 2013
FICTITIOUS BUSINESS NAME STATEMENT
File No. 2013-207495
The following person(s) is (are) doing business as: BUILDING MAINTENANCE, 556 S. RAMPART BLVD. #210, L.A., CA 90057. Full name of registrant(s) is (are) RICO GIRON, WILMER VASQUEZ. This Business is conducted by: A GENERAL PARTNERSHIP.
Dates Pub: Oct. 05, 12, 19, 26, 2013
FICTITIOUS BUSINESS NAME STATEMENT
File No. 2013-202765
The following person(s) is (are) doing business as: ACTION WELLNESS, 10474 ARTESIA BLVD., BELLFLOWER, CA 90706. Full name of registrant(s) is (are) MARIA A. PEREZ. This Business is conducted by: AN INDIVIDUAL. Signed: MARIA A. PEREZ.
violation of the rights of another under Federal, State, or common law (See section 14411 et seq. Business and Professions Code)Publish: Mountain Views News
Dates Pub: Sept. 28, Oct. 05, 12, 19, 2013
FICTITIOUS BUSINESS NAME STATEMENT
File No. 2013-196832
The following person(s) is (are) doing business as: ASIAN PACIFIC TRADE & DESIGN'S LOGIC, 5T-T TRADING, 214 MAIN ST. #530, EL SEGUNDO, CA 90245. Full name of registrant(s) is (are) KIMBERLY LEWIS, 214 MAIN ST. #530, EL SEGUNDO, CA 90245. This Business is conducted by: AN INDIVIDUAL. Signed: KIMBERLY LEWIS. This statement was filed with the County Clerk of Los Angeles County on 09/19/2013. The registrant(s) has (have) commenced to transact business under the fictitious business name or names listed above on N/A. NOTICE: This Fictitious Name Statement expires five years from the date it was filed in the office of the County Clerk.
Dates Pub: Sept. 28, Oct. 05, 12, 19, 2013
FICTITIOUS BUSINESS NAME STATEMENT
File No. 2013-202235
The following person(s) is (are) doing business as: ASIANUMBRELLACAFE, 15388 BROADWAY, L.A., CA 90061. Full name of registrant(s) is (are) PORNCHAI MAHACHAMNONGKOL, 1538 E. BROADWAY, LONG BEACH, CA 90802. This Business is conducted by: AN INDIVIDUAL. Signed: PORNCHAI MAHACHAMNONGKOL. This statement was filed with the County Clerk of Los Angeles County on 09/26/2013.
Dates Pub: Sept. 28, Oct. 05, 12, 19, 2013
FICTITIOUS BUSINESS NAME STATEMENT
File No. 2013-200775
The following person(s) is (are) doing business as: BERIT PRINTING; BERIT STAFFING, 870 MONTEREY PASS RD., MONTEREY PARK, CA 91754. Full name of registrant(s) is (are) INTERNATIONAL DAILY NEWS, INC., 870 MONTEREY PASS RD., MONTEREY PARK, CA 91754. This Business is conducted by: A CORPORATION. Signed: YOPIE SIDEKO. This statement was filed with the County Clerk of Los Angeles County on 09/24/2013.
Dates Pub: Sept. 28, Oct. 05, 12, 19, 2013
FICTITIOUS BUSINESS NAME STATEMENT
File No. 2013-200533
The following person(s) is (are) doing business as: BLONDIE LUX, 2937 NEW JERSEY ST., L.A., CA 90033. Full name of registrant(s) is (are) LUZ ACEVEDO, 2937 NEW JERSEY ST., L.A., CA 90033. This Business is conducted by: AN INDIVIDUAL. Signed: IRMA LUZ ACEVEDO. This statement was filed with the County Clerk of Los Angeles County on 09/24/2013.
Dates Pub: Sept. 28, Oct. 05, 12, 19, 2013
FICTITIOUS BUSINESS NAME STATEMENT
File No. 2013-200410
The following person(s) is (are) doing business as: CALIFORNIA TIRES & RUBBER, 2606 WHITTIER BLVD., L.A., CA 90023. Full name of registrant(s) is (are) ROBERTO CASTANEDA, 2611 WHITTIER BLVD., L.A., CA 90023. This Business is conducted by: AN INDIVIDUAL. Signed: ROBERTO CASTANEDA. This statement was filed with the County Clerk of Los Angeles County on 09/23/2013.
Dates Pub: Sept. 28, Oct. 05, 12, 19, 2013
FICTITIOUS BUSINESS NAME STATEMENT
File No. 2013-198690
The following person(s) is (are) doing business as: CANDY USED APPLIANCES, 9527 ALONDRA BLVD., BELLFLOWER, CA 90706. Full name of registrant(s) is (are) MINH VU GIVENS, 9530 ALONDRA BLVD. #11, BELLFLOWER, CA 90706. This Business is conducted by: AN INDIVIDUAL. Signed: MINH VU GIVENS. This statement was filed with the County Clerk of Los Angeles County on 09/20/2013.
Dates Pub: Sept. 28, Oct. 05, 12, 19, 2013
FICTITIOUS BUSINESS NAME STATEMENT
File No. 2013-198348
The following person(s) is (are) doing business as: CAR TRAVEL TOOLS, 606 LOCUST AVE. #215, LONG BEACH, CA 90802. Full name of registrant(s) is (are) HARESH SAKHRANI, DAWSON FISHER, 606 LOCUST AVE. #215, LONG BEACH, CA 90813. This Business is conducted by: A GENERAL PARTNERSHIP. Signed: HARESH SAKHRANI. This statement was filed with the County Clerk of Los Angeles County on 09/20/2013.
Dates Pub: Sept. 28, Oct. 05, 12, 19, 2013
FICTITIOUS BUSINESS NAME STATEMENT
File No. 2013-202709
The following person(s) is (are) doing business as: CHIC DAY SPA, 155 W. ROUTE 66, GLENDORA, CA 91740. Full name of registrant(s) is (are) FURONG ZHAO, 13929 BALDWIN AVE. #56, EL MONTE, CA 91731. This Business is conducted by: AN INDIVIDUAL. Signed: FURONG ZHAO. This statement was filed with the County Clerk of Los Angeles County on 09/26/2013.
Dates Pub: Sept. 28, Oct. 05, 12, 19, 2013
FICTITIOUS BUSINESS NAME STATEMENT
File No. 2013-201255
The following person(s) is (are) doing business as: CITY OF ANGELS BODY ART, 4609 S. BROADWAY, L.A., CA 90037. Full name of registrant(s) is (are) LEONARDO R. GOMEZ CHAVEZ, 4213 LOWELL AVE., L.A., CA 90032. This Business is conducted by: AN INDIVIDUAL. Signed: LEONARDO R. GOMEZ CHAVEZ.
Dates Pub: Sept. 28, Oct. 05, 12, 19, 2013
File No. 2013-201912
The following person(s) is (are) doing business as: COMPUTER & MOBILE SOLUTIONS, 15320 VALLEY VIEW AVE. STE 1, LA MIRADA, CA 90638. Full name of registrant(s) is (are) ERICK HERNANDEZ, 12514 DELROCIT, NORWALK, CA 90650. This Business is conducted by: AN INDIVIDUAL. Signed: ERICK HERNANDEZ. This statement was filed with the County Clerk of Los Angeles County on 09/25/2013. The registrant(s) has (have) commenced to transact business under the fictitious business name or names listed above on N/A.
Dates Pub: Sept. 28, Oct. 05, 12, 19, 2013
FICTITIOUS BUSINESS NAME STATEMENT
File No. 2013-202150
The following person(s) is (are) doing business as: CHRANGELLOS.COM TRAINING CENTER, 2833 LEONIS BLVD. STE 107, VERNON, CA 90058. Full name of registrant(s) is (are) SERGIO CALDERON, 4529 E. 56TH ST., MAYWOOD, CA 90270. This Business is conducted by: AN INDIVIDUAL. Signed: SERGIO CALDERON. This statement was filed with the County Clerk of Los Angeles County on 09/26/2013.
Dates Pub: Sept. 28, Oct. 05, 12, 19, 2013
FICTITIOUS BUSINESS NAME STATEMENT
File No. 2013-201195
The following person(s) is (are) doing business as: DUST PRODUCTS, 1870 MARTIN LUTHER KING JR. AVE., LONG BEACH, CA 90806. Full name of registrant(s) is (are) KEIJI SUNAMI, 1880 MARTIN LUTHER KING JR. AVE., LONG BEACH, CA 90806. This Business is conducted by: AN INDIVIDUAL. Signed: KEIJI SUNAMI. This statement was filed with the County Clerk of Los Angeles County on 09/25/2013.
Dates Pub: Sept. 28, Oct. 05, 12, 19, 2013
FICTITIOUS BUSINESS NAME STATEMENT
File No. 2013-199707
The following person(s) is (are) doing business as: DOWN TO FUCK, 8 F, 2668 GRAND AVE., HUNTINGTON PARK, CA 90255. Full name of registrant(s) is (are) FERNANDO DEL REAL, 2664 GRAND AVE., HUNTINGTON PARK, CA 90255. This Business is conducted by: AN INDIVIDUAL. Signed: FERNANDO DEL REAL. This statement was filed with the County Clerk of Los Angeles County on 09/23/2013.
Dates Pub: Sept. 28, Oct. 05, 12, 19, 2013
FICTITIOUS BUSINESS NAME STATEMENT
File No. 2013-201741
The following person(s) is (are) doing business as: E.MA. REALTY, 8344 E. FLORENCE AVE. STE D, DOWNEY, CA 90240. Full name of registrant(s) is (are) JESSE A. CHAVEZ, 9539 TONOCAPOW ST., PICO RIVERA, CA 90660. This Business is conducted by: AN INDIVIDUAL. Signed: JESSE A. CHAVEZ. This statement was filed with the County Clerk of Los Angeles County on 09/25/2013.
Dates Pub: Sept. 28, Oct. 05, 12, 19, 2013
FICTITIOUS BUSINESS NAME STATEMENT
File No. 2013-201564
The following person(s) is (are) doing business as: EASTERN VISION; VITECH; ZHONGSHENG TECH, 18605 US 503 MARCUS ST. #6, SAN GABRIEL, CA 91776. Full name of registrant(s) is (are) VISION TECHNOLOGY CORPORATION, 1600 SAN MARCOS ST. #6, SAN GABRIEL, CA 91776. This Business is conducted by: A CORPORATION. Signed: YUZHOU LIU. This statement was filed with the County Clerk of Los Angeles County on 09/25/2013.
Dates Pub: Sept. 28, Oct. 05, 12, 19, 2013
FICTITIOUS BUSINESS NAME STATEMENT
File No. 2013-198321
The following person(s) is (are) doing business as: ELISABET MARKET, 2848 PACIFIC BLVD. UNIT B, WALNUT PARK, CA 90255. Full name of registrant(s) is (are) EDUARDO LEON RIOS, 210 W. 62ND ST., L.A., CA 90003. This Business is conducted by: AN INDIVIDUAL. Signed: EDUARDO LEON RIOS. This statement was filed with the County Clerk of Los Angeles County on 09/20/2013.
Dates Pub: Sept. 28, Oct. 05, 12, 19, 2013
FICTITIOUS BUSINESS NAME STATEMENT
File No. 2013-201618
The following person(s) is (are) doing business as: ENCHANTED BOUTIQUE, 6812 PACIFIC BLVD., HUNTINGTON PARK, CA 90255. Full name of registrant(s) is (are) CLAUDIA ROJAS, 6812 TEMPLETON ST. #3, HUNTINGTON PARK, CA 90255. This Business is conducted by: AN INDIVIDUAL. Signed: CLAUDIA ROJAS. This statement was filed with the County Clerk of Los Angeles County on 09/25/2013.
Dates Pub: Sept. 28, Oct. 05, 12, 19, 2013
FICTITIOUS BUSINESS NAME STATEMENT
File No. 2013-203453
The following person(s) is (are) doing business as: HONORIO FRAZO AUTO RETAILING, 12322 MAIDSTONE AVE., NORWALK, CA 90650. Full name of registrant(s) is (are) HONORIO RAZO, 12322 MAIDSTONE AVE., NORWALK, CA 90650. This Business is conducted by: A GENERAL PARTNERSHIP. Signed: HONORIO RAZO. This statement was filed with the County Clerk of Los Angeles County on 09/27/2013.
Dates Pub: Sept. 28, Oct. 05, 12, 19, 2013
FICTITIOUS BUSINESS NAME STATEMENT
File No. 2013-182494
The following person(s) is (are) doing business as:
Mountain Views News 80 W Sierra Madre Blvd. No. 327 Sierra Madre, Ca. 91024 Office: 626.355.2737 Fax: 626.609.3285 Email: editor@mtnviewsnews.com Website: www.mtnviewsnews.com
